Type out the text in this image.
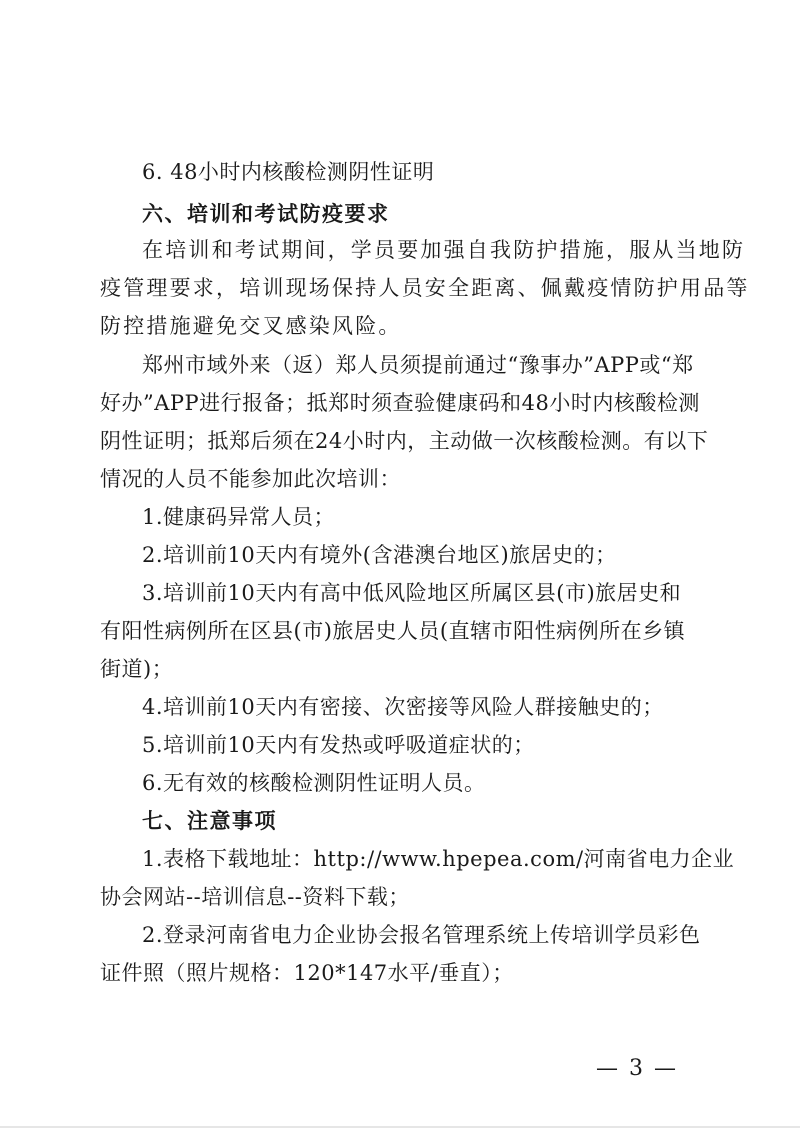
6. 48小时内核酸检测阴性证明
六、培训和考试防疫要求
在培训和考试期间，学员要加强自我防护措施，服从当地防
疫管理要求，培训现场保持人员安全距离、佩戴疫情防护用品等
防控措施避免交叉感染风险。
郑州市域外来（返）郑人员须提前通过“豫事办”APP或“郑
好办”APP进行报备；抵郑时须查验健康码和48小时内核酸检测
阴性证明；抵郑后须在24小时内，主动做一次核酸检测。有以下
情况的人员不能参加此次培训：
1.健康码异常人员；
2.培训前10天内有境外(含港澳台地区)旅居史的；
3.培训前10天内有高中低风险地区所属区县(市)旅居史和
有阳性病例所在区县(市)旅居史人员(直辖市阳性病例所在乡镇
街道)；
4.培训前10天内有密接、次密接等风险人群接触史的；
5.培训前10天内有发热或呼吸道症状的；
6.无有效的核酸检测阴性证明人员。
七、注意事项
1.表格下载地址：http://www.hpepea.com/河南省电力企业
协会网站--培训信息--资料下载；
2.登录河南省电力企业协会报名管理系统上传培训学员彩色
证件照（照片规格：120*147水平/垂直）；
— 3 —
